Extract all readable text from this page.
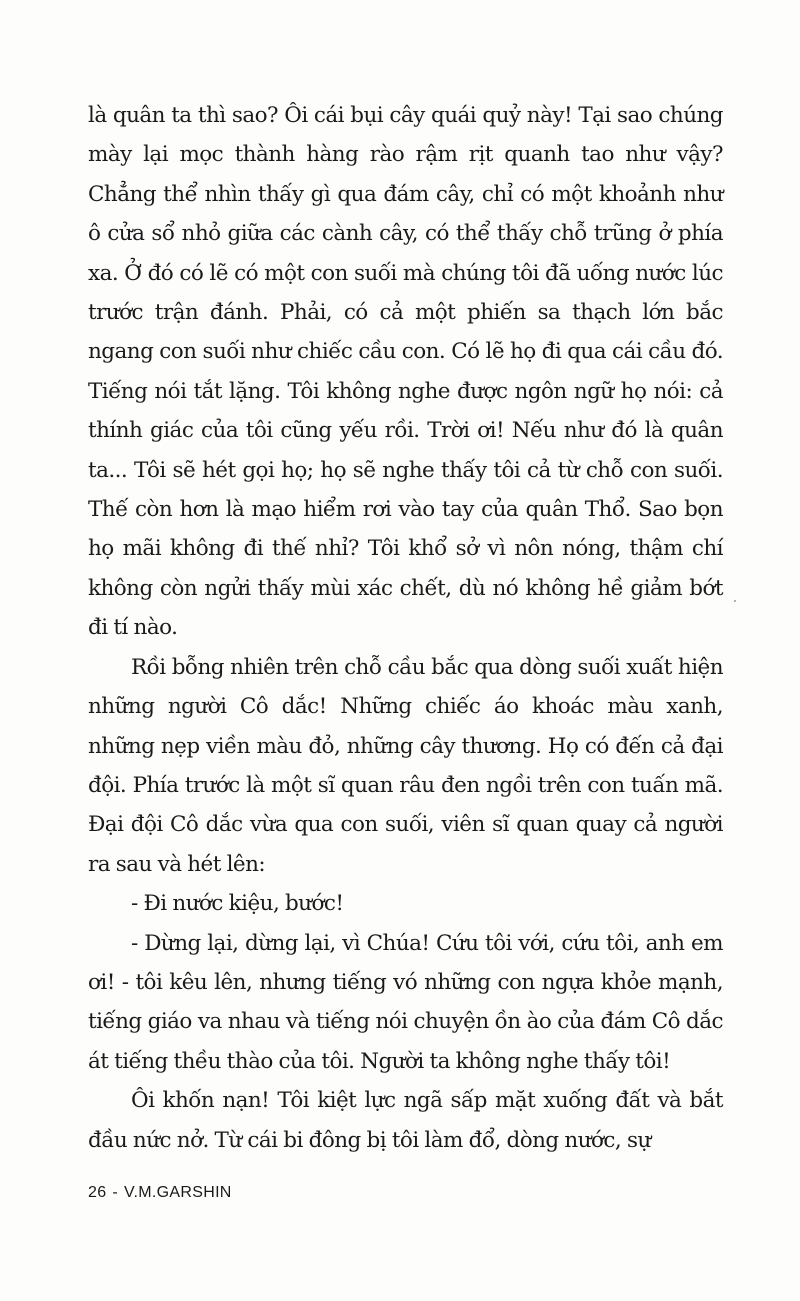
là quân ta thì sao? Ôi cái bụi cây quái quỷ này! Tại sao chúng mày lại mọc thành hàng rào rậm rịt quanh tao như vậy? Chẳng thể nhìn thấy gì qua đám cây, chỉ có một khoảnh như ô cửa sổ nhỏ giữa các cành cây, có thể thấy chỗ trũng ở phía xa. Ở đó có lẽ có một con suối mà chúng tôi đã uống nước lúc trước trận đánh. Phải, có cả một phiến sa thạch lớn bắc ngang con suối như chiếc cầu con. Có lẽ họ đi qua cái cầu đó. Tiếng nói tắt lặng. Tôi không nghe được ngôn ngữ họ nói: cả thính giác của tôi cũng yếu rồi. Trời ơi! Nếu như đó là quân ta... Tôi sẽ hét gọi họ; họ sẽ nghe thấy tôi cả từ chỗ con suối. Thế còn hơn là mạo hiểm rơi vào tay của quân Thổ. Sao bọn họ mãi không đi thế nhỉ? Tôi khổ sở vì nôn nóng, thậm chí không còn ngửi thấy mùi xác chết, dù nó không hề giảm bớt đi tí nào.

Rồi bỗng nhiên trên chỗ cầu bắc qua dòng suối xuất hiện những người Cô dắc! Những chiếc áo khoác màu xanh, những nẹp viền màu đỏ, những cây thương. Họ có đến cả đại đội. Phía trước là một sĩ quan râu đen ngồi trên con tuấn mã. Đại đội Cô dắc vừa qua con suối, viên sĩ quan quay cả người ra sau và hét lên:

- Đi nước kiệu, bước!

- Dừng lại, dừng lại, vì Chúa! Cứu tôi với, cứu tôi, anh em ơi! - tôi kêu lên, nhưng tiếng vó những con ngựa khỏe mạnh, tiếng giáo va nhau và tiếng nói chuyện ồn ào của đám Cô dắc át tiếng thều thào của tôi. Người ta không nghe thấy tôi!

Ôi khốn nạn! Tôi kiệt lực ngã sấp mặt xuống đất và bắt đầu nức nở. Từ cái bi đông bị tôi làm đổ, dòng nước, sự

26 - V.M.GARSHIN
